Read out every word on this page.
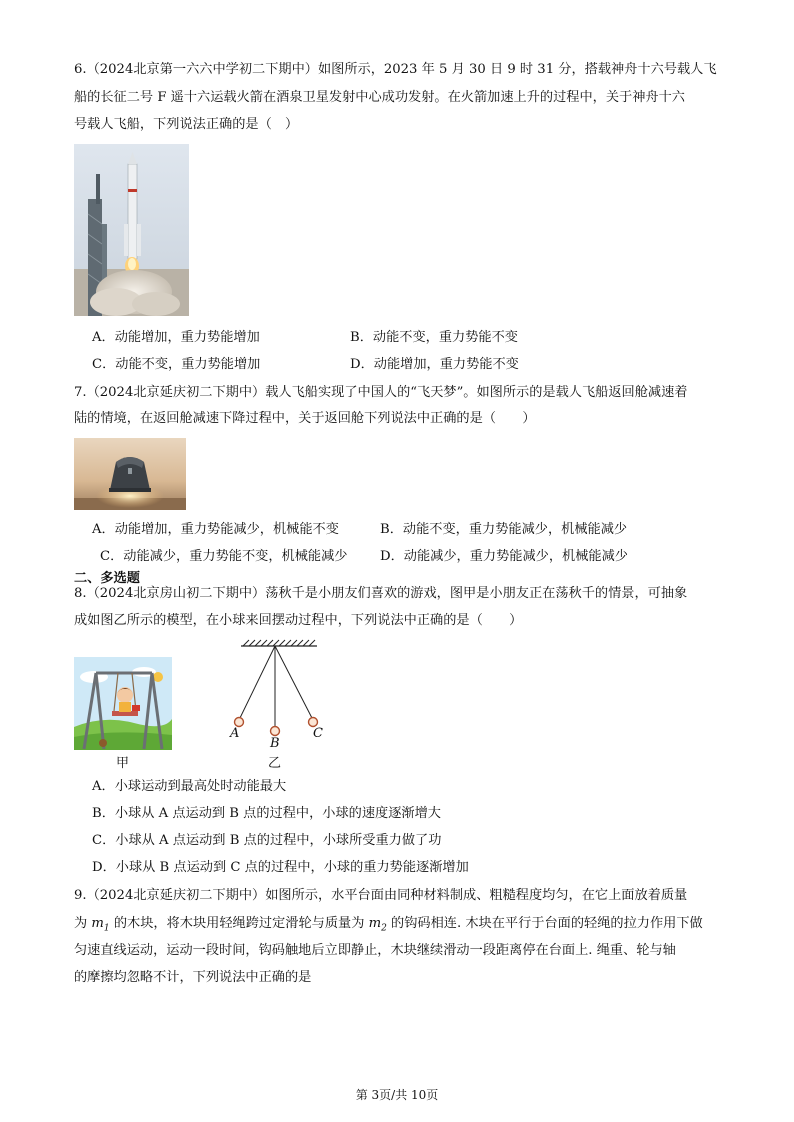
6.（2024北京第一六六中学初二下期中）如图所示，2023 年 5 月 30 日 9 时 31 分，搭载神舟十六号载人飞
船的长征二号 F 遥十六运载火箭在酒泉卫星发射中心成功发射。在火箭加速上升的过程中，关于神舟十六
号载人飞船，下列说法正确的是（　）
A．动能增加，重力势能增加	B．动能不变，重力势能不变
C．动能不变，重力势能增加	D．动能增加，重力势能不变
7.（2024北京延庆初二下期中）载人飞船实现了中国人的“飞天梦”。如图所示的是载人飞船返回舱减速着
陆的情境，在返回舱减速下降过程中，关于返回舱下列说法中正确的是（　　）
A．动能增加，重力势能减少，机械能不变	B．动能不变，重力势能减少，机械能减少
C．动能减少，重力势能不变，机械能减少 D．动能减少，重力势能减少，机械能减少
二、多选题
8.（2024北京房山初二下期中）荡秋千是小朋友们喜欢的游戏，图甲是小朋友正在荡秋千的情景，可抽象
成如图乙所示的模型，在小球来回摆动过程中，下列说法中正确的是（　　）
甲
A
B
C
乙
A．小球运动到最高处时动能最大
B．小球从 A 点运动到 B 点的过程中，小球的速度逐渐增大
C．小球从 A 点运动到 B 点的过程中，小球所受重力做了功
D．小球从 B 点运动到 C 点的过程中，小球的重力势能逐渐增加
9.（2024北京延庆初二下期中）如图所示，水平台面由同种材料制成、粗糙程度均匀，在它上面放着质量
为 $m_1$ 的木块，将木块用轻绳跨过定滑轮与质量为 $m_2$ 的钩码相连. 木块在平行于台面的轻绳的拉力作用下做
匀速直线运动，运动一段时间，钩码触地后立即静止，木块继续滑动一段距离停在台面上. 绳重、轮与轴
的摩擦均忽略不计，下列说法中正确的是
第 3页/共 10页
